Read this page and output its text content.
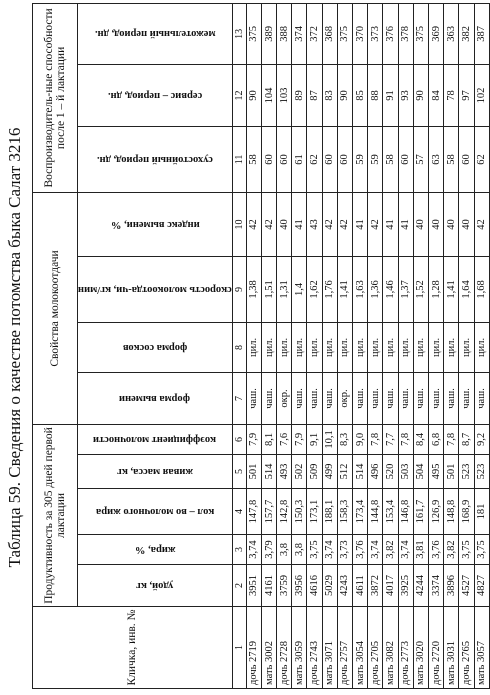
Таблица 59. Сведения о качестве потомства быка Салат 3216
Кличка, инв. №	Продуктивность за 305 дней первой лактации					Свойства молокоотдачи				Воспроизводитель-ные способности после 1 – й лактации		

	удой, кг	жира, %	кол – во молочного жира	живая масса, кг	коэффициент молочности	форма вымени	форма сосков	скорость молокоотда-чи, кг/мин	индекс вымени, %	сухостойный период, дн.	сервис – период, дн.	межотельный период, дн.

1	2	3	4	5	6	7	8	9	10	11	12	13
дочь 2719	3951	3,74	147,8	501	7,9	чаш.	цил.	1,38	42	58	90	375
мать 3002	4161	3,79	157,7	514	8,1	чаш.	цил.	1,51	42	60	104	389
дочь 2728	3759	3,8	142,8	493	7,6	окр.	цил.	1,31	40	60	103	388
мать 3059	3956	3,8	150,3	502	7,9	чаш.	цил.	1,4	41	61	89	374
дочь 2743	4616	3,75	173,1	509	9,1	чаш.	цил.	1,62	43	62	87	372
мать 3071	5029	3,74	188,1	499	10,1	чаш.	цил.	1,76	42	60	83	368
дочь 2757	4243	3,73	158,3	512	8,3	окр.	цил.	1,41	42	60	90	375
мать 3054	4611	3,76	173,4	514	9,0	чаш.	цил.	1,63	41	59	85	370
дочь 2705	3872	3,74	144,8	496	7,8	чаш.	цил.	1,36	42	59	88	373
мать 3082	4017	3,82	153,4	520	7,7	чаш.	цил.	1,46	41	58	91	376
дочь 2773	3925	3,74	146,8	503	7,8	чаш.	цил.	1,37	41	60	93	378
мать 3020	4244	3,81	161,7	504	8,4	чаш.	цил.	1,52	40	57	90	375
дочь 2720	3374	3,76	126,9	495	6,8	чаш.	цил.	1,28	40	63	84	369
мать 3031	3896	3,82	148,8	501	7,8	чаш.	цил.	1,41	40	58	78	363
дочь 2765	4527	3,75	168,9	523	8,7	чаш.	цил.	1,64	40	60	97	382
мать 3057	4827	3,75	181	523	9,2	чаш.	цил.	1,68	42	62	102	387
